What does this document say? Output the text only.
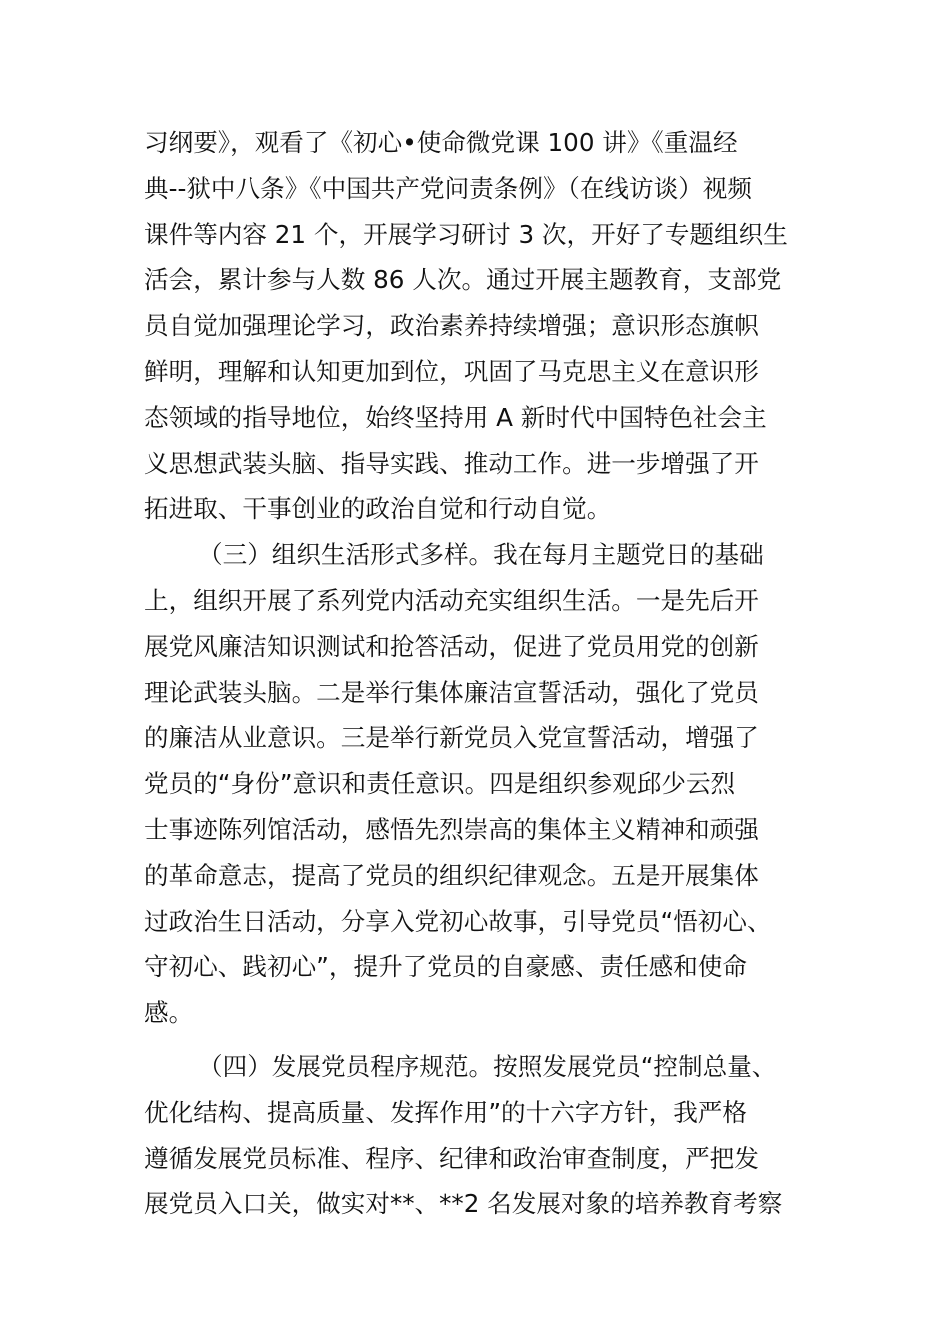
习纲要》，观看了《初心•使命微党课 100 讲》《重温经
典--狱中八条》《中国共产党问责条例》（在线访谈）视频
课件等内容 21 个，开展学习研讨 3 次，开好了专题组织生
活会，累计参与人数 86 人次。通过开展主题教育，支部党
员自觉加强理论学习，政治素养持续增强；意识形态旗帜
鲜明，理解和认知更加到位，巩固了马克思主义在意识形
态领域的指导地位，始终坚持用 A 新时代中国特色社会主
义思想武装头脑、指导实践、推动工作。进一步增强了开
拓进取、干事创业的政治自觉和行动自觉。
（三）组织生活形式多样。我在每月主题党日的基础
上，组织开展了系列党内活动充实组织生活。一是先后开
展党风廉洁知识测试和抢答活动，促进了党员用党的创新
理论武装头脑。二是举行集体廉洁宣誓活动，强化了党员
的廉洁从业意识。三是举行新党员入党宣誓活动，增强了
党员的“身份”意识和责任意识。四是组织参观邱少云烈
士事迹陈列馆活动，感悟先烈崇高的集体主义精神和顽强
的革命意志，提高了党员的组织纪律观念。五是开展集体
过政治生日活动，分享入党初心故事，引导党员“悟初心、
守初心、践初心”，提升了党员的自豪感、责任感和使命
感。
（四）发展党员程序规范。按照发展党员“控制总量、
优化结构、提高质量、发挥作用”的十六字方针，我严格
遵循发展党员标准、程序、纪律和政治审查制度，严把发
展党员入口关，做实对**、**2 名发展对象的培养教育考察
